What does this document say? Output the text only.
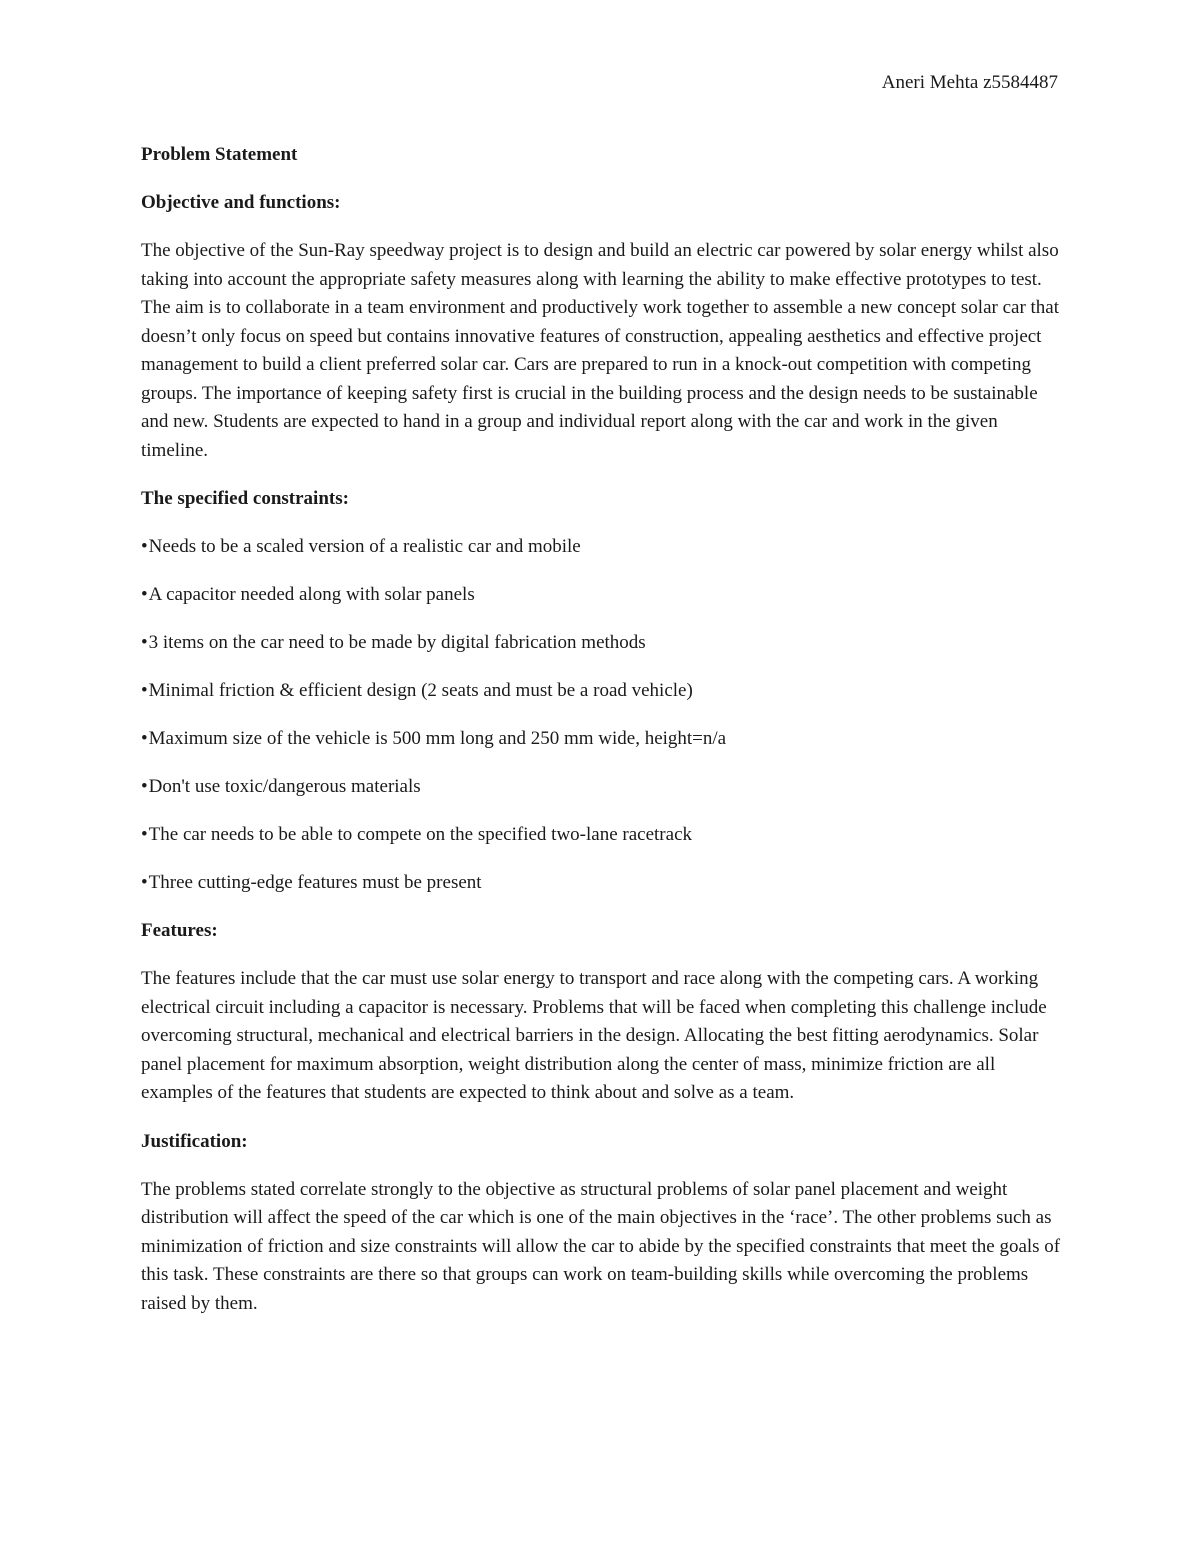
Aneri Mehta z5584487
Problem Statement
Objective and functions:

The objective of the Sun-Ray speedway project is to design and build an electric car powered by solar energy whilst also taking into account the appropriate safety measures along with learning the ability to make effective prototypes to test. The aim is to collaborate in a team environment and productively work together to assemble a new concept solar car that doesn’t only focus on speed but contains innovative features of construction, appealing aesthetics and effective project management to build a client preferred solar car. Cars are prepared to run in a knock-out competition with competing groups. The importance of keeping safety first is crucial in the building process and the design needs to be sustainable and new. Students are expected to hand in a group and individual report along with the car and work in the given timeline.

The specified constraints:
•Needs to be a scaled version of a realistic car and mobile
•A capacitor needed along with solar panels
•3 items on the car need to be made by digital fabrication methods
•Minimal friction & efficient design (2 seats and must be a road vehicle)
•Maximum size of the vehicle is 500 mm long and 250 mm wide, height=n/a
•Don't use toxic/dangerous materials
•The car needs to be able to compete on the specified two-lane racetrack
•Three cutting-edge features must be present
Features:

The features include that the car must use solar energy to transport and race along with the competing cars. A working electrical circuit including a capacitor is necessary. Problems that will be faced when completing this challenge include overcoming structural, mechanical and electrical barriers in the design. Allocating the best fitting aerodynamics. Solar panel placement for maximum absorption, weight distribution along the center of mass, minimize friction are all examples of the features that students are expected to think about and solve as a team.

Justification:

The problems stated correlate strongly to the objective as structural problems of solar panel placement and weight distribution will affect the speed of the car which is one of the main objectives in the ‘race’. The other problems such as minimization of friction and size constraints will allow the car to abide by the specified constraints that meet the goals of this task. These constraints are there so that groups can work on team-building skills while overcoming the problems raised by them.
